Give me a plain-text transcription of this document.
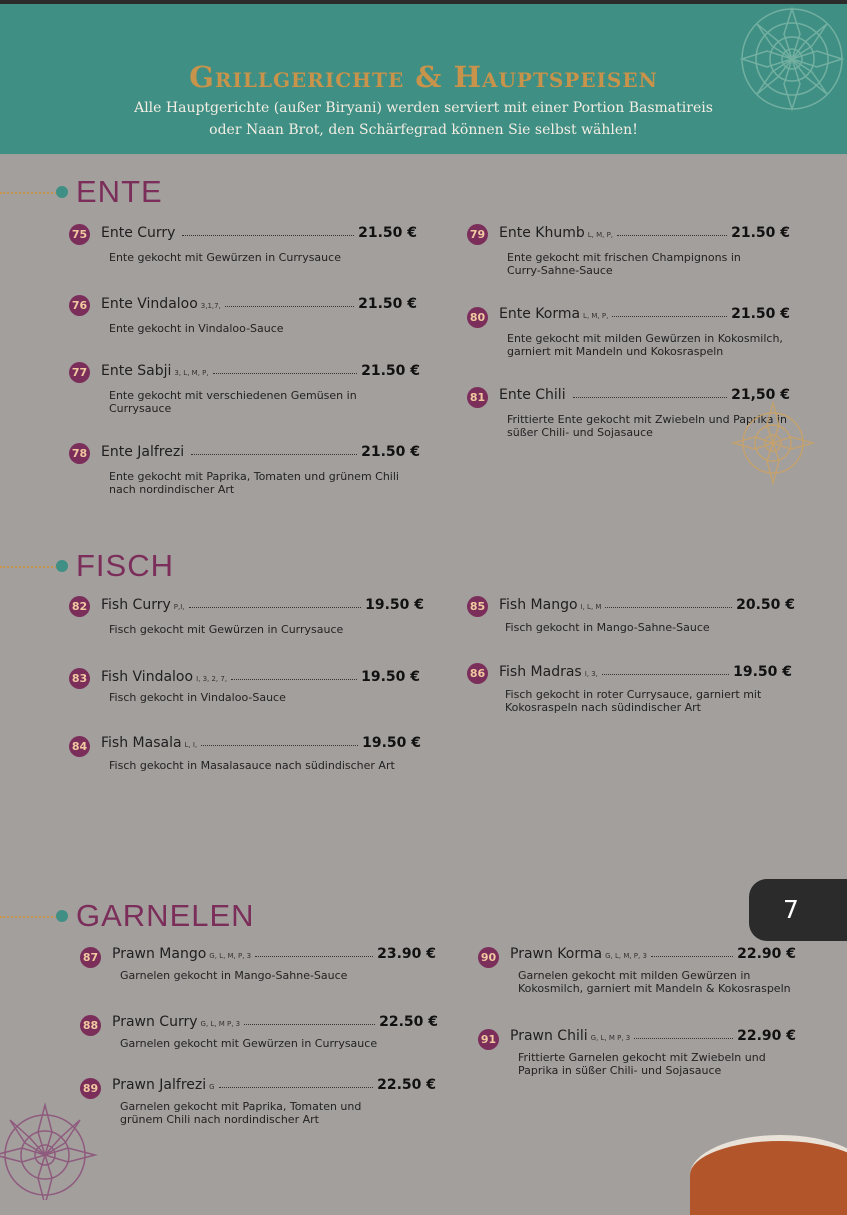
Grillgerichte & Hauptspeisen
Alle Hauptgerichte (außer Biryani) werden serviert mit einer Portion Basmatireis
oder Naan Brot, den Schärfegrad können Sie selbst wählen!
ENTE
75 Ente Curry	21.50 €
Ente gekocht mit Gewürzen in Currysauce
76 Ente Vindaloo 3,1,7,	21.50 €
Ente gekocht in Vindaloo-Sauce
77 Ente Sabji 3, L, M, P,	21.50 €
Ente gekocht mit verschiedenen Gemüsen in Currysauce
78 Ente Jalfrezi	21.50 €
Ente gekocht mit Paprika, Tomaten und grünem Chili nach nordindischer Art
79 Ente Khumb L, M, P,	21.50 €
Ente gekocht mit frischen Champignons in Curry-Sahne-Sauce
80 Ente Korma L, M, P,	21.50 €
Ente gekocht mit milden Gewürzen in Kokosmilch, garniert mit Mandeln und Kokosraspeln
81 Ente Chili	21,50 €
Frittierte Ente gekocht mit Zwiebeln und Paprika in süßer Chili- und Sojasauce
FISCH
82 Fish Curry P,I,	19.50 €
Fisch gekocht mit Gewürzen in Currysauce
83 Fish Vindaloo I, 3, 2, 7,	19.50 €
Fisch gekocht in Vindaloo-Sauce
84 Fish Masala L, I,	19.50 €
Fisch gekocht in Masalasauce nach südindischer Art
85 Fish Mango I, L, M	20.50 €
Fisch gekocht in Mango-Sahne-Sauce
86 Fish Madras I, 3,	19.50 €
Fisch gekocht in roter Currysauce, garniert mit Kokosraspeln nach südindischer Art
7
GARNELEN
87 Prawn Mango G, L, M, P, 3	23.90 €
Garnelen gekocht in Mango-Sahne-Sauce
88 Prawn Curry G, L, M P, 3	22.50 €
Garnelen gekocht mit Gewürzen in Currysauce
89 Prawn Jalfrezi G	22.50 €
Garnelen gekocht mit Paprika, Tomaten und grünem Chili nach nordindischer Art
90 Prawn Korma G, L, M, P, 3	22.90 €
Garnelen gekocht mit milden Gewürzen in Kokosmilch, garniert mit Mandeln & Kokosraspeln
91 Prawn Chili G, L, M P, 3	22.90 €
Frittierte Garnelen gekocht mit Zwiebeln und Paprika in süßer Chili- und Sojasauce
